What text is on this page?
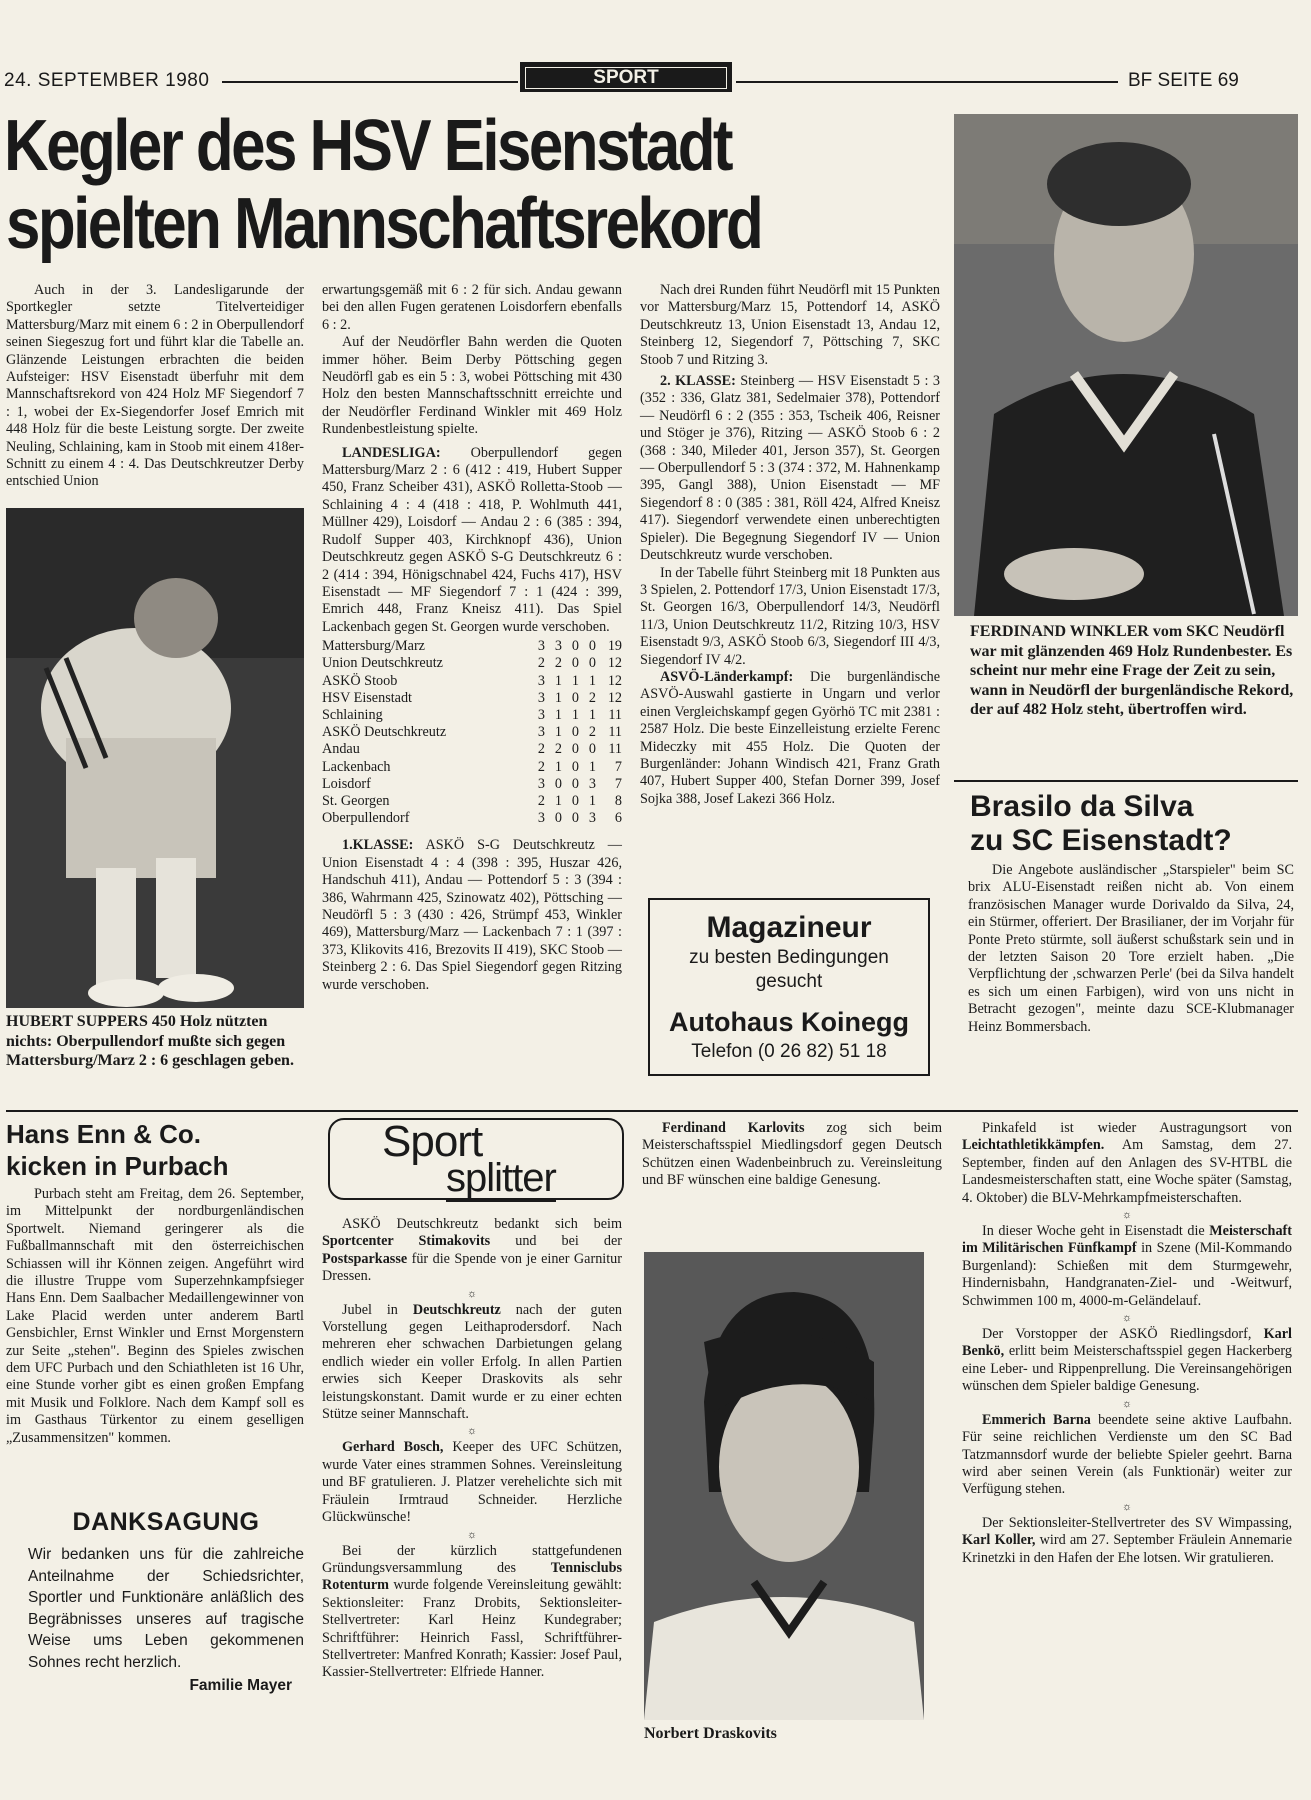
24. SEPTEMBER 1980	SPORT	BF SEITE 69
Kegler des HSV Eisenstadt
spielten Mannschaftsrekord

Auch in der 3. Landesligarunde der Sportkegler setzte Titelverteidiger Mattersburg/Marz mit einem 6 : 2 in Oberpullendorf seinen Siegeszug fort und führt klar die Tabelle an. Glänzende Leistungen erbrachten die beiden Aufsteiger: HSV Eisenstadt überfuhr mit dem Mannschaftsrekord von 424 Holz MF Siegendorf 7 : 1, wobei der Ex-Siegendorfer Josef Emrich mit 448 Holz für die beste Leistung sorgte. Der zweite Neuling, Schlaining, kam in Stoob mit einem 418er-Schnitt zu einem 4 : 4. Das Deutschkreutzer Derby entschied Union

HUBERT SUPPERS 450 Holz nützten nichts: Oberpullendorf mußte sich gegen Mattersburg/Marz 2 : 6 geschlagen geben.

erwartungsgemäß mit 6 : 2 für sich. Andau gewann bei den allen Fugen geratenen Loisdorfern ebenfalls 6 : 2.

Auf der Neudörfler Bahn werden die Quoten immer höher. Beim Derby Pöttsching gegen Neudörfl gab es ein 5 : 3, wobei Pöttsching mit 430 Holz den besten Mannschaftsschnitt erreichte und der Neudörfler Ferdinand Winkler mit 469 Holz Rundenbestleistung spielte.

LANDESLIGA: Oberpullendorf gegen Mattersburg/Marz 2 : 6 (412 : 419, Hubert Supper 450, Franz Scheiber 431), ASKÖ Rolletta-Stoob — Schlaining 4 : 4 (418 : 418, P. Wohlmuth 441, Müllner 429), Loisdorf — Andau 2 : 6 (385 : 394, Rudolf Supper 403, Kirchknopf 436), Union Deutschkreutz gegen ASKÖ S-G Deutschkreutz 6 : 2 (414 : 394, Hönigschnabel 424, Fuchs 417), HSV Eisenstadt — MF Siegendorf 7 : 1 (424 : 399, Emrich 448, Franz Kneisz 411). Das Spiel Lackenbach gegen St. Georgen wurde verschoben.

Mattersburg/Marz	3	3	0	0	19
Union Deutschkreutz	2	2	0	0	12
ASKÖ Stoob	3	1	1	1	12
HSV Eisenstadt	3	1	0	2	12
Schlaining	3	1	1	1	11
ASKÖ Deutschkreutz	3	1	0	2	11
Andau	2	2	0	0	11
Lackenbach	2	1	0	1	7
Loisdorf	3	0	0	3	7
St. Georgen	2	1	0	1	8
Oberpullendorf	3	0	0	3	6

1.KLASSE: ASKÖ S-G Deutschkreutz — Union Eisenstadt 4 : 4 (398 : 395, Huszar 426, Handschuh 411), Andau — Pottendorf 5 : 3 (394 : 386, Wahrmann 425, Szinowatz 402), Pöttsching — Neudörfl 5 : 3 (430 : 426, Strümpf 453, Winkler 469), Mattersburg/Marz — Lackenbach 7 : 1 (397 : 373, Klikovits 416, Brezovits II 419), SKC Stoob — Steinberg 2 : 6. Das Spiel Siegendorf gegen Ritzing wurde verschoben.

Nach drei Runden führt Neudörfl mit 15 Punkten vor Mattersburg/Marz 15, Pottendorf 14, ASKÖ Deutschkreutz 13, Union Eisenstadt 13, Andau 12, Steinberg 12, Siegendorf 7, Pöttsching 7, SKC Stoob 7 und Ritzing 3.

2. KLASSE: Steinberg — HSV Eisenstadt 5 : 3 (352 : 336, Glatz 381, Sedelmaier 378), Pottendorf — Neudörfl 6 : 2 (355 : 353, Tscheik 406, Reisner und Stöger je 376), Ritzing — ASKÖ Stoob 6 : 2 (368 : 340, Mileder 401, Jerson 357), St. Georgen — Oberpullendorf 5 : 3 (374 : 372, M. Hahnenkamp 395, Gangl 388), Union Eisenstadt — MF Siegendorf 8 : 0 (385 : 381, Röll 424, Alfred Kneisz 417). Siegendorf verwendete einen unberechtigten Spieler). Die Begegnung Siegendorf IV — Union Deutschkreutz wurde verschoben.

In der Tabelle führt Steinberg mit 18 Punkten aus 3 Spielen, 2. Pottendorf 17/3, Union Eisenstadt 17/3, St. Georgen 16/3, Oberpullendorf 14/3, Neudörfl 11/3, Union Deutschkreutz 11/2, Ritzing 10/3, HSV Eisenstadt 9/3, ASKÖ Stoob 6/3, Siegendorf III 4/3, Siegendorf IV 4/2.

ASVÖ-Länderkampf: Die burgenländische ASVÖ-Auswahl gastierte in Ungarn und verlor einen Vergleichskampf gegen Györhö TC mit 2381 : 2587 Holz. Die beste Einzelleistung erzielte Ferenc Mideczky mit 455 Holz. Die Quoten der Burgenländer: Johann Windisch 421, Franz Grath 407, Hubert Supper 400, Stefan Dorner 399, Josef Sojka 388, Josef Lakezi 366 Holz.

Magazineur
zu besten Bedingungen
gesucht
Autohaus Koinegg
Telefon (0 26 82) 51 18
FERDINAND WINKLER vom SKC Neudörfl war mit glänzenden 469 Holz Rundenbester. Es scheint nur mehr eine Frage der Zeit zu sein, wann in Neudörfl der burgenländische Rekord, der auf 482 Holz steht, übertroffen wird.
Brasilo da Silva
zu SC Eisenstadt?

Die Angebote ausländischer „Starspieler" beim SC brix ALU-Eisenstadt reißen nicht ab. Von einem französischen Manager wurde Dorivaldo da Silva, 24, ein Stürmer, offeriert. Der Brasilianer, der im Vorjahr für Ponte Preto stürmte, soll äußerst schußstark sein und in der letzten Saison 20 Tore erzielt haben. „Die Verpflichtung der ‚schwarzen Perle' (bei da Silva handelt es sich um einen Farbigen), wird von uns nicht in Betracht gezogen", meinte dazu SCE-Klubmanager Heinz Bommersbach.

Hans Enn & Co.
kicken in Purbach

Purbach steht am Freitag, dem 26. September, im Mittelpunkt der nordburgenländischen Sportwelt. Niemand geringerer als die Fußballmannschaft mit den österreichischen Schiassen will ihr Können zeigen. Angeführt wird die illustre Truppe vom Superzehnkampfsieger Hans Enn. Dem Saalbacher Medaillengewinner von Lake Placid werden unter anderem Bartl Gensbichler, Ernst Winkler und Ernst Morgenstern zur Seite „stehen". Beginn des Spieles zwischen dem UFC Purbach und den Schiathleten ist 16 Uhr, eine Stunde vorher gibt es einen großen Empfang mit Musik und Folklore. Nach dem Kampf soll es im Gasthaus Türkentor zu einem geselligen „Zusammensitzen" kommen.

DANKSAGUNG
Wir bedanken uns für die zahlreiche Anteilnahme der Schiedsrichter, Sportler und Funktionäre anläßlich des Begräbnisses unseres auf tragische Weise ums Leben gekommenen Sohnes recht herzlich.
Familie Mayer
Sport
splitter

ASKÖ Deutschkreutz bedankt sich beim Sportcenter Stimakovits und bei der Postsparkasse für die Spende von je einer Garnitur Dressen.

☼

Jubel in Deutschkreutz nach der guten Vorstellung gegen Leithaprodersdorf. Nach mehreren eher schwachen Darbietungen gelang endlich wieder ein voller Erfolg. In allen Partien erwies sich Keeper Draskovits als sehr leistungskonstant. Damit wurde er zu einer echten Stütze seiner Mannschaft.

☼

Gerhard Bosch, Keeper des UFC Schützen, wurde Vater eines strammen Sohnes. Vereinsleitung und BF gratulieren. J. Platzer verehelichte sich mit Fräulein Irmtraud Schneider. Herzliche Glückwünsche!

☼

Bei der kürzlich stattgefundenen Gründungsversammlung des Tennisclubs Rotenturm wurde folgende Vereinsleitung gewählt: Sektionsleiter: Franz Drobits, Sektionsleiter-Stellvertreter: Karl Heinz Kundegraber; Schriftführer: Heinrich Fassl, Schriftführer-Stellvertreter: Manfred Konrath; Kassier: Josef Paul, Kassier-Stellvertreter: Elfriede Hanner.

Ferdinand Karlovits zog sich beim Meisterschaftsspiel Miedlingsdorf gegen Deutsch Schützen einen Wadenbeinbruch zu. Vereinsleitung und BF wünschen eine baldige Genesung.

Norbert Draskovits

Pinkafeld ist wieder Austragungsort von Leichtathletikkämpfen. Am Samstag, dem 27. September, finden auf den Anlagen des SV-HTBL die Landesmeisterschaften statt, eine Woche später (Samstag, 4. Oktober) die BLV-Mehrkampfmeisterschaften.

☼

In dieser Woche geht in Eisenstadt die Meisterschaft im Militärischen Fünfkampf in Szene (Mil-Kommando Burgenland): Schießen mit dem Sturmgewehr, Hindernisbahn, Handgranaten-Ziel- und -Weitwurf, Schwimmen 100 m, 4000-m-Geländelauf.

☼

Der Vorstopper der ASKÖ Riedlingsdorf, Karl Benkö, erlitt beim Meisterschaftsspiel gegen Hackerberg eine Leber- und Rippenprellung. Die Vereinsangehörigen wünschen dem Spieler baldige Genesung.

☼

Emmerich Barna beendete seine aktive Laufbahn. Für seine reichlichen Verdienste um den SC Bad Tatzmannsdorf wurde der beliebte Spieler geehrt. Barna wird aber seinen Verein (als Funktionär) weiter zur Verfügung stehen.

☼

Der Sektionsleiter-Stellvertreter des SV Wimpassing, Karl Koller, wird am 27. September Fräulein Annemarie Krinetzki in den Hafen der Ehe lotsen. Wir gratulieren.
